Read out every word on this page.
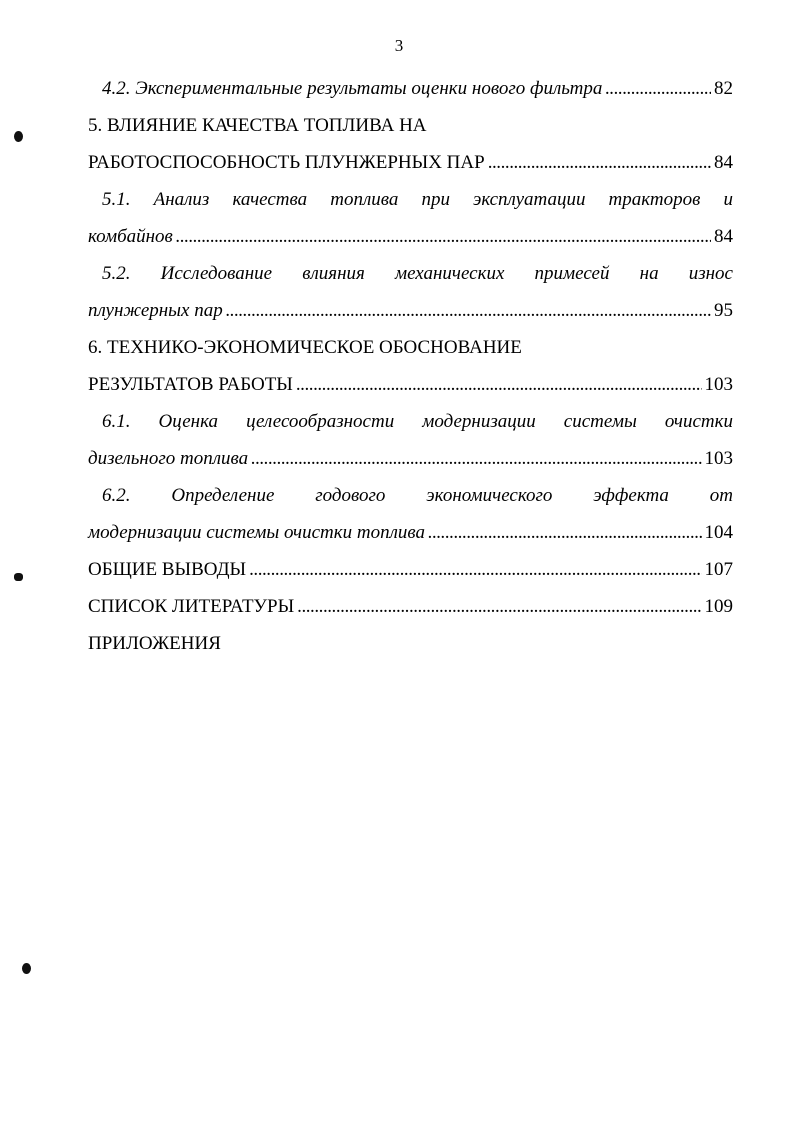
3
4.2. Экспериментальные результаты оценки нового фильтра . . .	82
5. ВЛИЯНИЕ КАЧЕСТВА ТОПЛИВА НА
РАБОТОСПОСОБНОСТЬ ПЛУНЖЕРНЫХ ПАР . . .	84
5.1. Анализ качества топлива при эксплуатации тракторов и
комбайнов . . .	84
5.2. Исследование влияния механических примесей на износ
плунжерных пар . . .	95
6. ТЕХНИКО-ЭКОНОМИЧЕСКОЕ ОБОСНОВАНИЕ
РЕЗУЛЬТАТОВ РАБОТЫ . . .	103
6.1. Оценка целесообразности модернизации системы очистки
дизельного топлива . . .	103
6.2. Определение годового экономического эффекта от
модернизации системы очистки топлива . . .	104
ОБЩИЕ ВЫВОДЫ . . .	107
СПИСОК ЛИТЕРАТУРЫ . . .	109
ПРИЛОЖЕНИЯ
